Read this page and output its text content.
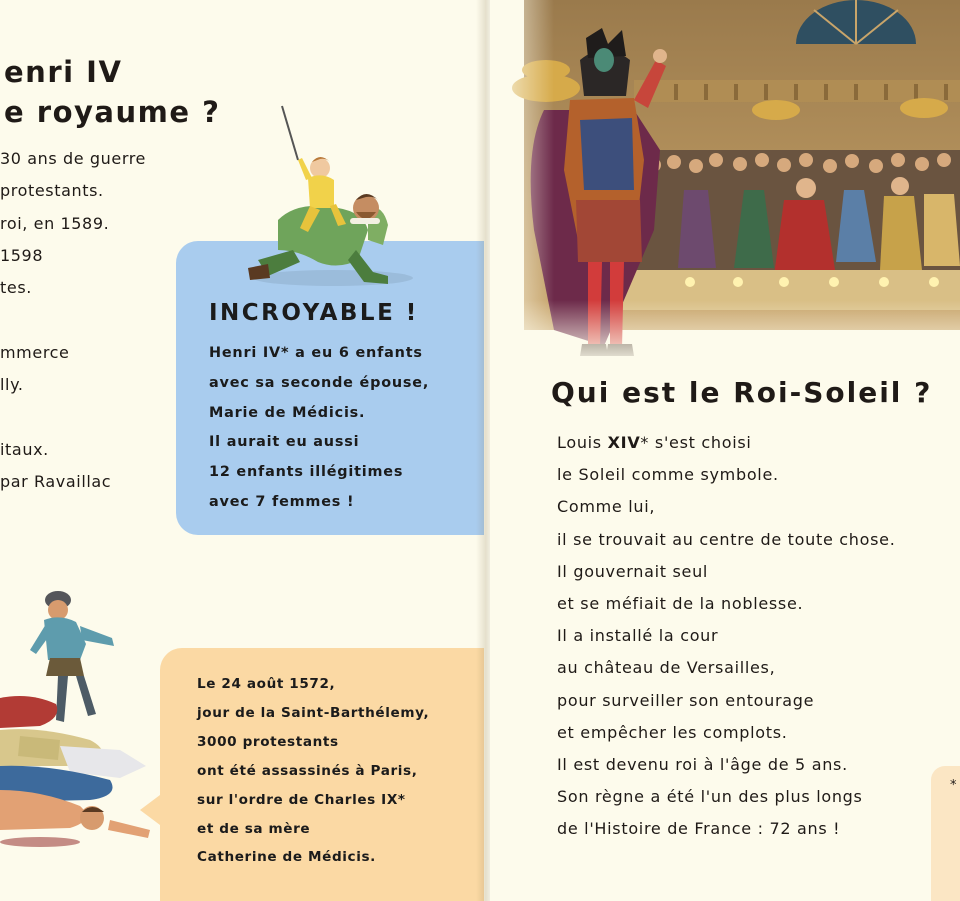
enri IV
e royaume ?
30 ans de guerre
protestants.
roi, en 1589.
1598
tes.
mmerce
lly.
itaux.
par Ravaillac
INCROYABLE !
Henri IV* a eu 6 enfants
avec sa seconde épouse,
Marie de Médicis.
Il aurait eu aussi
12 enfants illégitimes
avec 7 femmes !
Le 24 août 1572,
jour de la Saint-Barthélemy,
3000 protestants
ont été assassinés à Paris,
sur l'ordre de Charles IX*
et de sa mère
Catherine de Médicis.
Qui est le Roi-Soleil ?
Louis XIV* s'est choisi
le Soleil comme symbole.
Comme lui,
il se trouvait au centre de toute chose.
Il gouvernait seul
et se méfiait de la noblesse.
Il a installé la cour
au château de Versailles,
pour surveiller son entourage
et empêcher les complots.
Il est devenu roi à l'âge de 5 ans.
Son règne a été l'un des plus longs
de l'Histoire de France : 72 ans !
*
